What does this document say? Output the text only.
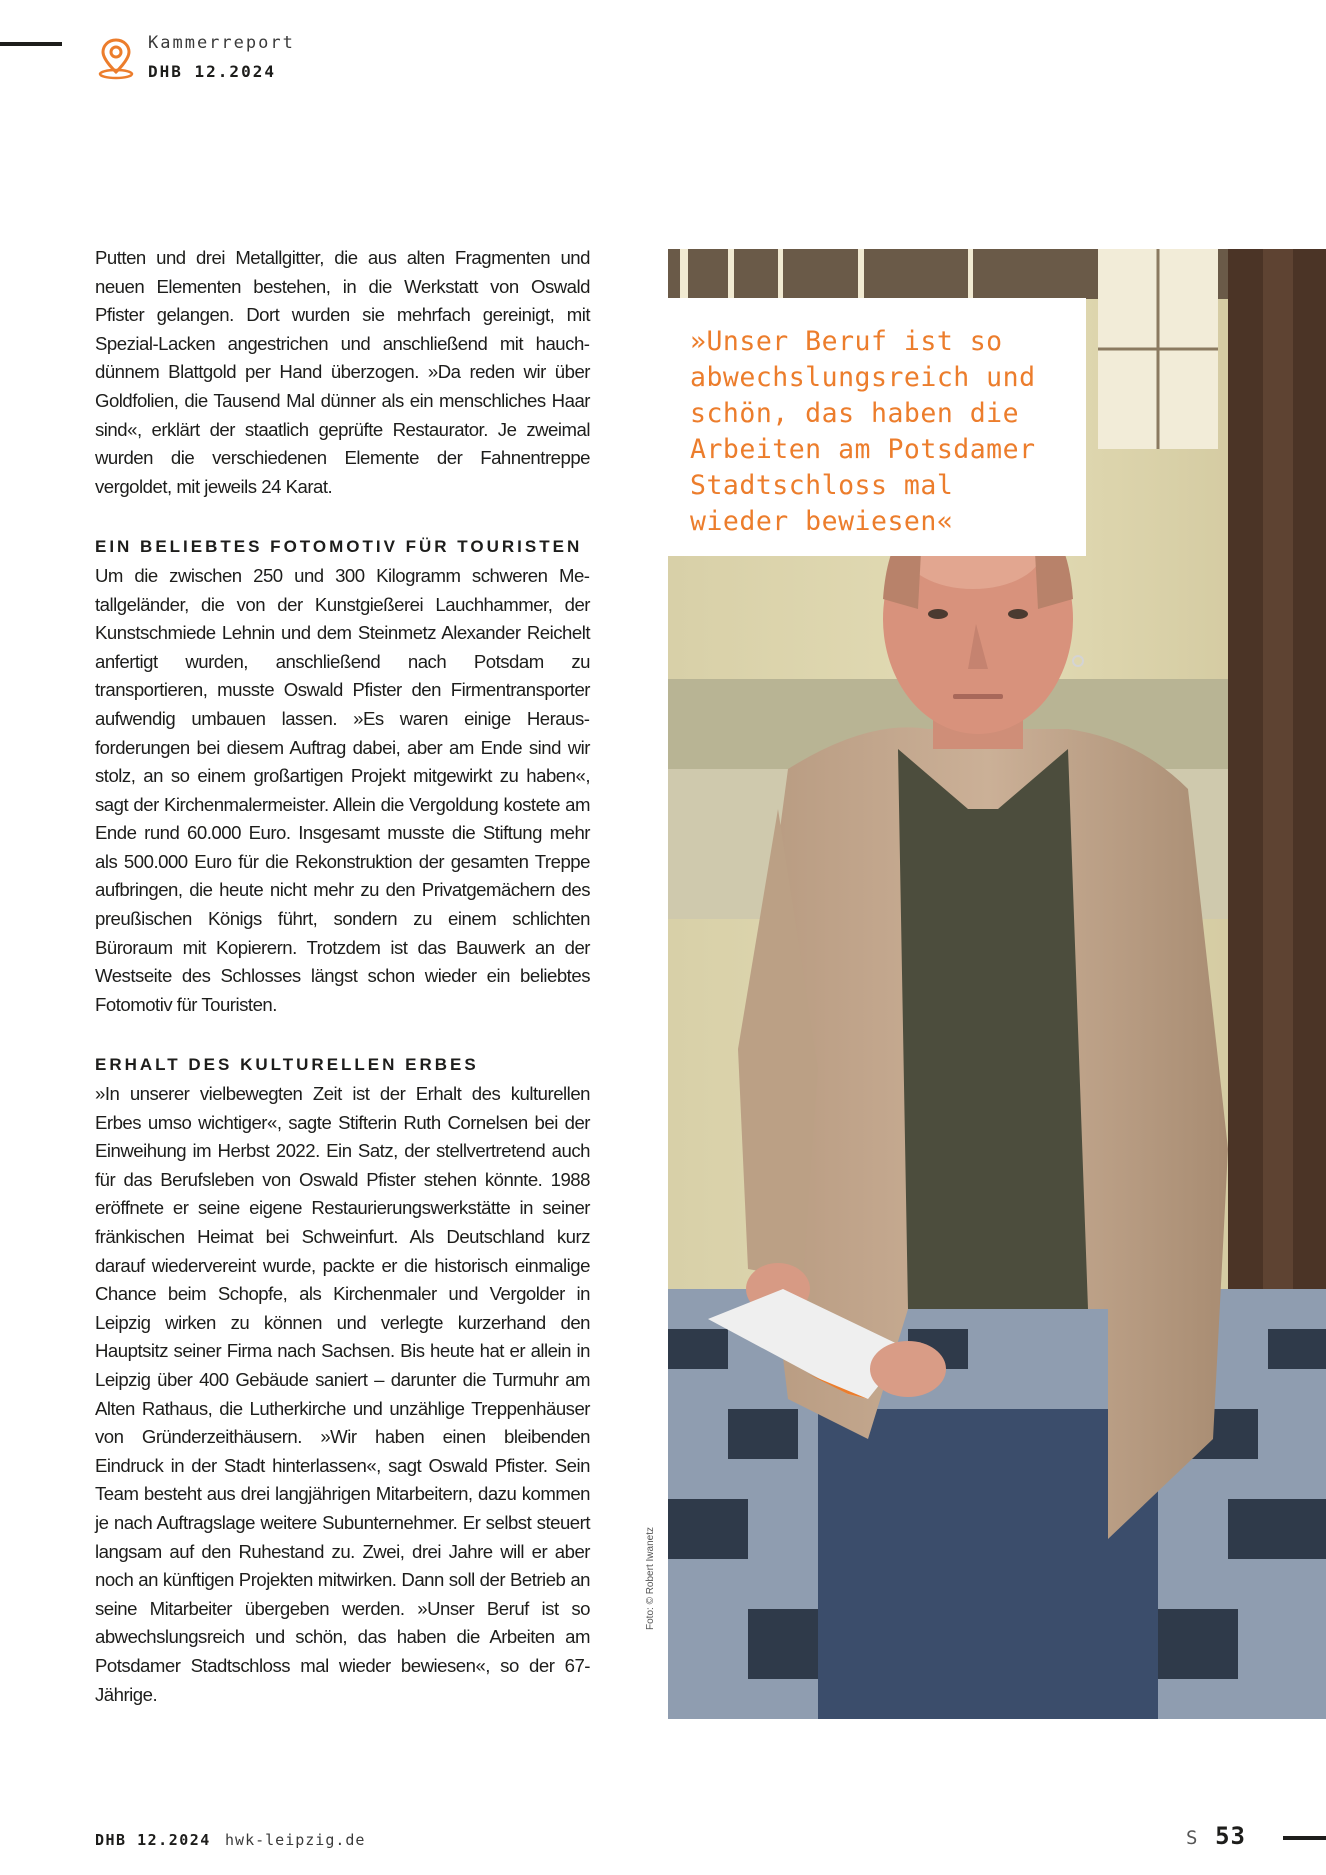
Kammerreport
DHB 12.2024

Putten und drei Metallgitter, die aus alten Fragmenten und neuen Elementen bestehen, in die Werkstatt von Oswald Pfister gelangen. Dort wurden sie mehrfach gereinigt, mit Spezial-Lacken angestrichen und anschließend mit hauchdünnem Blattgold per Hand überzogen. »Da reden wir über Goldfolien, die Tausend Mal dünner als ein menschliches Haar sind«, erklärt der staatlich geprüfte Restaurator. Je zweimal wurden die verschiedenen Elemente der Fahnentreppe vergoldet, mit jeweils 24 Karat.

EIN BELIEBTES FOTOMOTIV FÜR TOURISTEN

Um die zwischen 250 und 300 Kilogramm schweren Metallgeländer, die von der Kunstgießerei Lauchhammer, der Kunstschmiede Lehnin und dem Steinmetz Alexander Reichelt anfertigt wurden, anschließend nach Potsdam zu transportieren, musste Oswald Pfister den Firmentransporter aufwendig umbauen lassen. »Es waren einige Herausforderungen bei diesem Auftrag dabei, aber am Ende sind wir stolz, an so einem großartigen Projekt mitgewirkt zu haben«, sagt der Kirchenmalermeister. Allein die Vergoldung kostete am Ende rund 60.000 Euro. Insgesamt musste die Stiftung mehr als 500.000 Euro für die Rekonstruktion der gesamten Treppe aufbringen, die heute nicht mehr zu den Privatgemächern des preußischen Königs führt, sondern zu einem schlichten Büroraum mit Kopierern. Trotzdem ist das Bauwerk an der Westseite des Schlosses längst schon wieder ein beliebtes Fotomotiv für Touristen.

ERHALT DES KULTURELLEN ERBES

»In unserer vielbewegten Zeit ist der Erhalt des kulturellen Erbes umso wichtiger«, sagte Stifterin Ruth Cornelsen bei der Einweihung im Herbst 2022. Ein Satz, der stellvertretend auch für das Berufsleben von Oswald Pfister stehen könnte. 1988 eröffnete er seine eigene Restaurierungswerkstätte in seiner fränkischen Heimat bei Schweinfurt. Als Deutschland kurz darauf wiedervereint wurde, packte er die historisch einmalige Chance beim Schopfe, als Kirchenmaler und Vergolder in Leipzig wirken zu können und verlegte kurzerhand den Hauptsitz seiner Firma nach Sachsen. Bis heute hat er allein in Leipzig über 400 Gebäude saniert – darunter die Turmuhr am Alten Rathaus, die Lutherkirche und unzählige Treppenhäuser von Gründerzeithäusern. »Wir haben einen bleibenden Eindruck in der Stadt hinterlassen«, sagt Oswald Pfister. Sein Team besteht aus drei langjährigen Mitarbeitern, dazu kommen je nach Auftragslage weitere Subunternehmer. Er selbst steuert langsam auf den Ruhestand zu. Zwei, drei Jahre will er aber noch an künftigen Projekten mitwirken. Dann soll der Betrieb an seine Mitarbeiter übergeben werden. »Unser Beruf ist so abwechslungsreich und schön, das haben die Arbeiten am Potsdamer Stadtschloss mal wieder bewiesen«, so der 67-Jährige.

»Unser Beruf ist so abwechslungsreich und schön, das haben die Arbeiten am Potsdamer Stadtschloss mal wieder bewiesen«

Foto: © Robert Iwanetz
DHB 12.2024 hwk-leipzig.de	S 53
